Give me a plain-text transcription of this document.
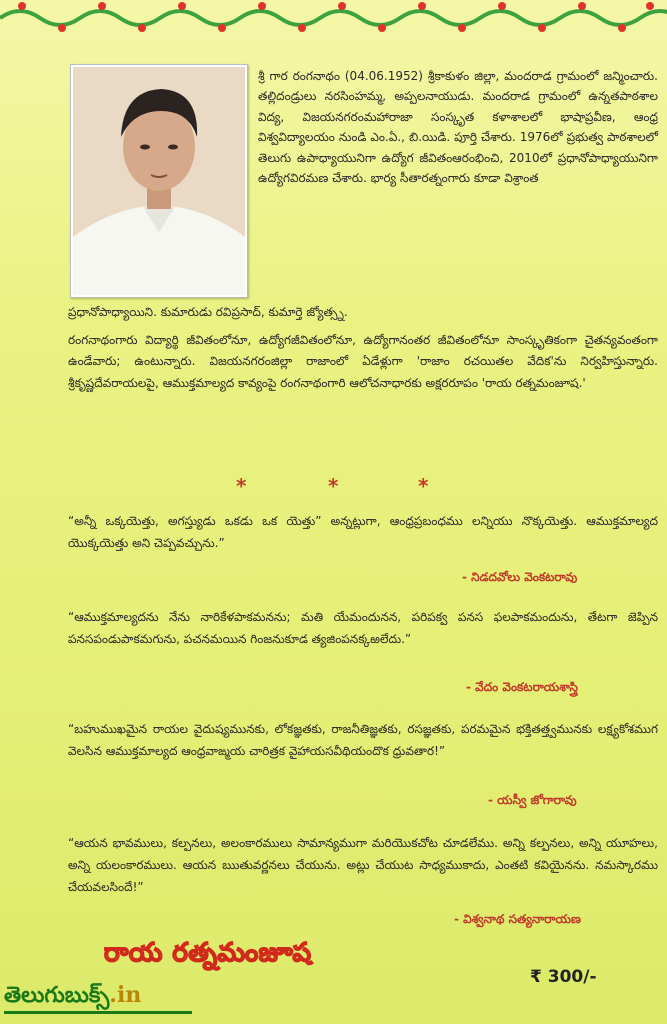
శ్రీ గార రంగనాథం (04.06.1952) శ్రీకాకుళం జిల్లా, మందరాడ గ్రామంలో జన్మించారు. తల్లిదండ్రులు నరసింహమ్మ, అప్పలనాయుడు. మందరాడ గ్రామంలో ఉన్నతపాఠశాల విద్య, విజయనగరంమహారాజా సంస్కృత కళాశాలలో భాషాప్రవీణ, ఆంధ్ర విశ్వవిద్యాలయం నుండి ఎం.ఏ., బి.యిడి. పూర్తి చేశారు. 1976లో ప్రభుత్వ పాఠశాలలో తెలుగు ఉపాధ్యాయునిగా ఉద్యోగ జీవితంఆరంభించి, 2010లో ప్రధానోపాధ్యాయునిగా ఉద్యోగవిరమణ చేశారు. భార్య సీతారత్నంగారు కూడా విశ్రాంత
ప్రధానోపాధ్యాయిని. కుమారుడు రవిప్రసాద్, కుమార్తె జ్యోత్స్న.
రంగనాథంగారు విద్యార్థి జీవితంలోనూ, ఉద్యోగజీవితంలోనూ, ఉద్యోగానంతర జీవితంలోనూ సాంస్కృతికంగా చైతన్యవంతంగా ఉండేవారు; ఉంటున్నారు. విజయనగరంజిల్లా రాజాంలో ఏడేళ్లుగా 'రాజాం రచయితల వేదిక'ను నిర్వహిస్తున్నారు. శ్రీకృష్ణదేవరాయలపై, ఆముక్తమాల్యద కావ్యంపై రంగనాథంగారి ఆలోచనాధారకు అక్షరరూపం 'రాయ రత్నమంజూష.'
*	*	*
“అన్నీ ఒక్కయెత్తు, అగస్త్యుడు ఒకడు ఒక యెత్తు” అన్నట్లుగా, ఆంధ్రప్రబంధము లన్నియు నొక్కయెత్తు. ఆముక్తమాల్యద యొక్కయెత్తు అని చెప్పవచ్చును.”
- నిడదవోలు వెంకటరావు
“ఆముక్తమాల్యదను నేను నారికేళపాకమనను; మతి యేమందునన, పరిపక్వ పనస ఫలపాకమందును, తేటగా జెప్పిన పనసపండుపాకమగును, పచనమయిన గింజనుకూడ త్యజింపనక్కఱలేదు.”
- వేదం వెంకటరాయశాస్త్రి
“బహుముఖమైన రాయల వైదుష్యమునకు, లోకజ్ఞతకు, రాజనీతిజ్ఞతకు, రసజ్ఞతకు, పరమమైన భక్తితత్త్వమునకు లక్ష్యకోశముగ వెలసిన ఆముక్తమాల్యద ఆంధ్రవాఙ్మయ చారిత్రక వైహాయసవీథియందొక ధ్రువతార!”
- యస్వీ జోగారావు
“ఆయన భావములు, కల్పనలు, అలంకారములు సామాన్యముగా మరియొకచోట చూడలేము. అన్ని కల్పనలు, అన్ని యూహలు, అన్ని యలంకారములు. ఆయన ఋతువర్ణనలు చేయును. అట్లు చేయుట సాధ్యముకాదు, ఎంతటి కవియైనను. నమస్కారము చేయవలసిందే!”
- విశ్వనాథ సత్యనారాయణ
రాయ రత్నమంజూష
₹ 300/-
తెలుగుబుక్స్.in
